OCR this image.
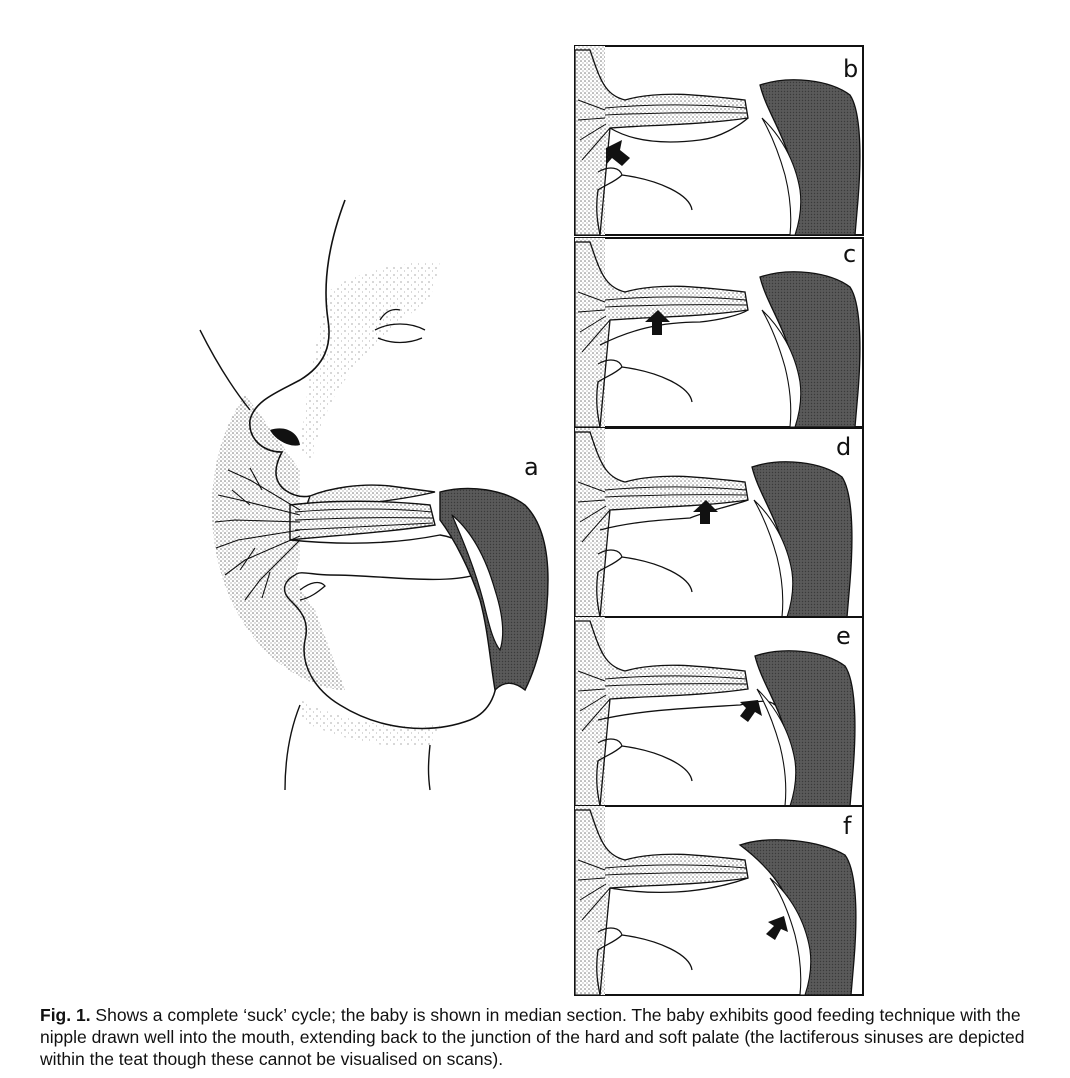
a
b
c
d
e
f
Fig. 1. Shows a complete ‘suck’ cycle; the baby is shown in median section. The baby exhibits good feeding technique with the nipple drawn well into the mouth, extending back to the junction of the hard and soft palate (the lactiferous sinuses are depicted within the teat though these cannot be visualised on scans).
